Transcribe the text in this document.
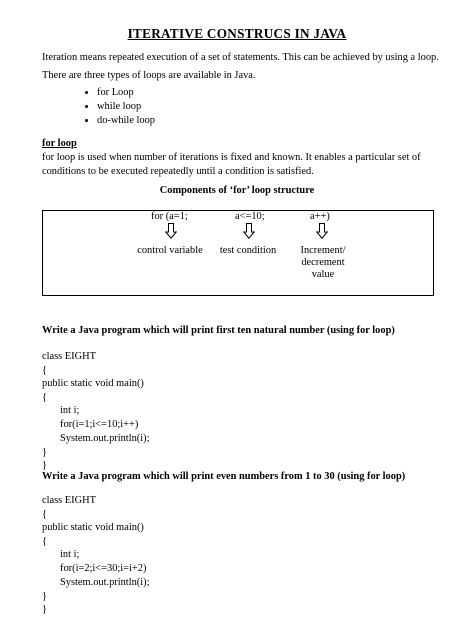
ITERATIVE CONSTRUCS IN JAVA
Iteration means repeated execution of a set of statements. This can be achieved by using a loop.
There are three types of loops are available in Java.
for Loop
while loop
do-while loop
for loop
for loop is used when number of iterations is fixed and known. It enables a particular set of
conditions to be executed repeatedly until a condition is satisfied.
Components of ‘for’ loop structure
for (a=1;	a<=10;	a++)
control variable	test condition	Increment/
decrement
value
Write a Java program which will print first ten natural number (using for loop)
class EIGHT
{
public static void main()
{
int i;
for(i=1;i<=10;i++)
System.out.println(i);
}
}
Write a Java program which will print even numbers from 1 to 30 (using for loop)
class EIGHT
{
public static void main()
{
int i;
for(i=2;i<=30;i=i+2)
System.out.println(i);
}
}
